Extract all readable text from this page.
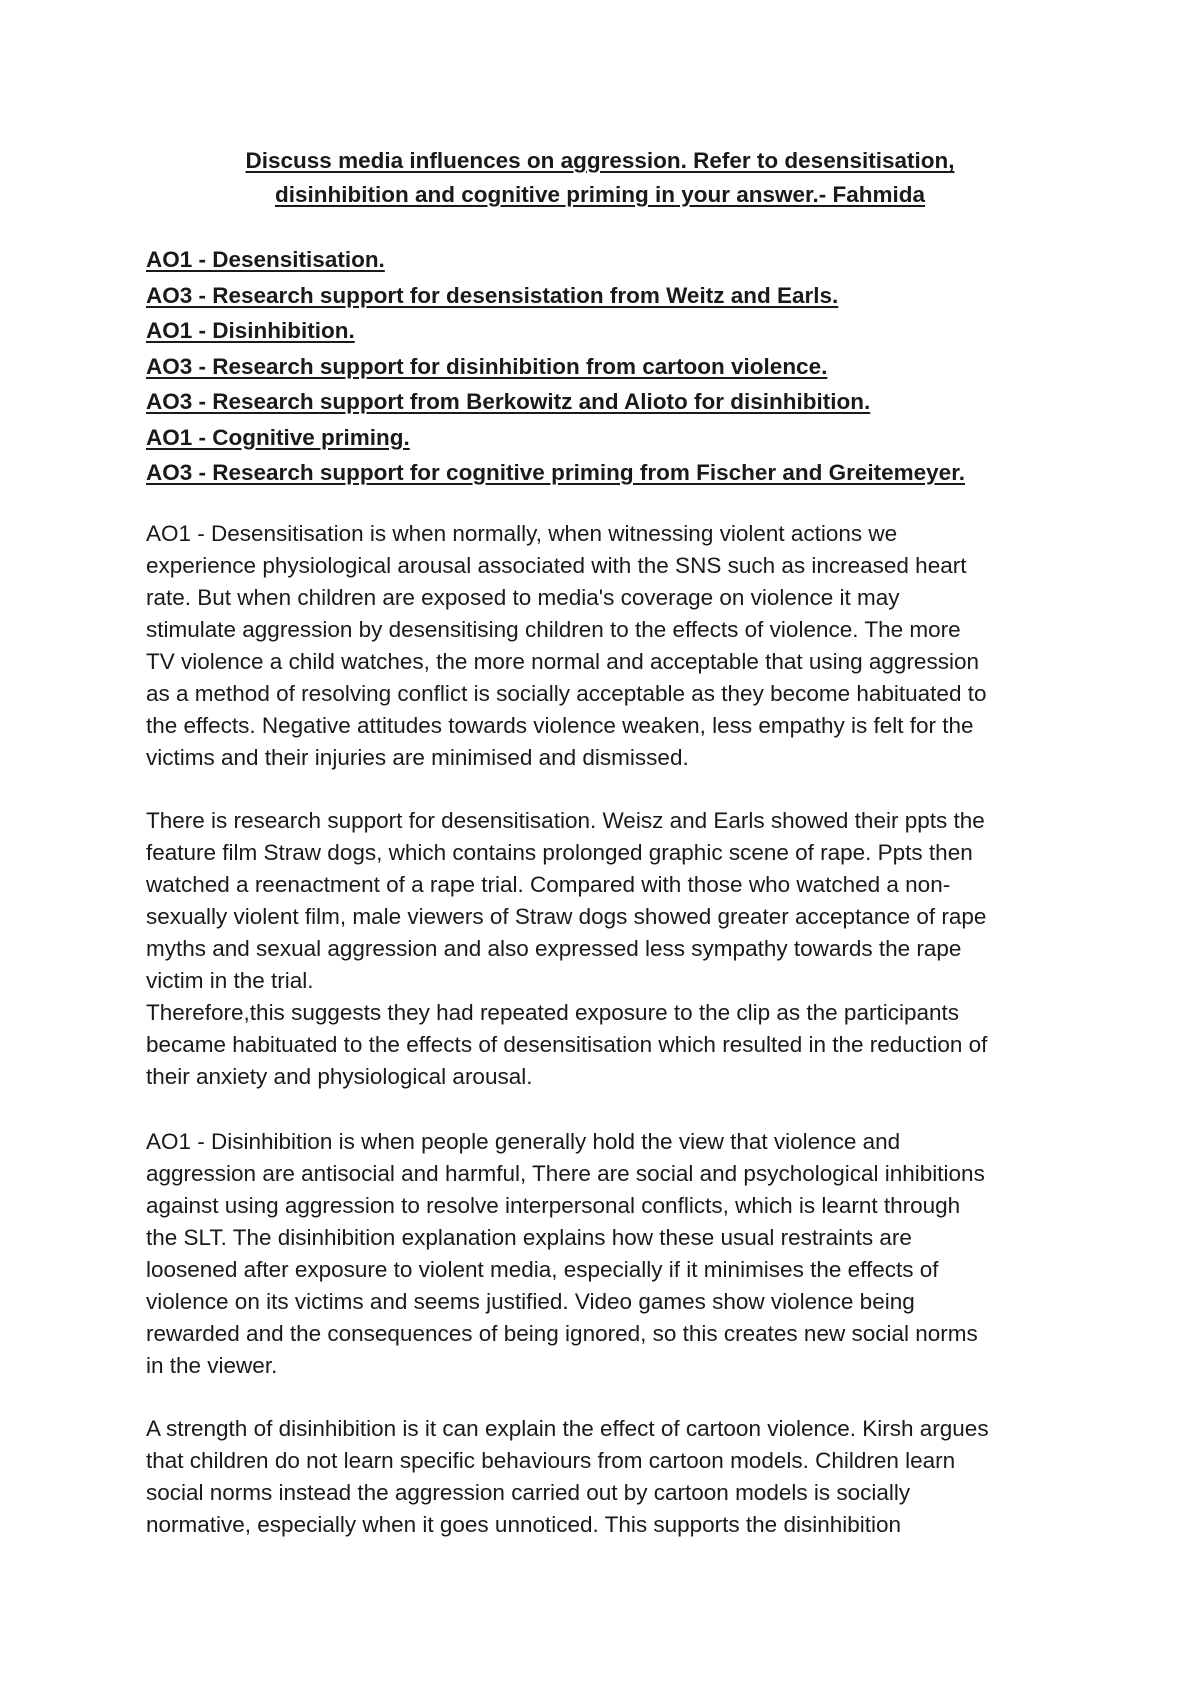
Discuss media influences on aggression. Refer to desensitisation,
disinhibition and cognitive priming in your answer.- Fahmida
AO1 - Desensitisation.
AO3 - Research support for desensistation from Weitz and Earls.
AO1 - Disinhibition.
AO3 - Research support for disinhibition from cartoon violence.
AO3 - Research support from Berkowitz and Alioto for disinhibition.
AO1 - Cognitive priming.
AO3 - Research support for cognitive priming from Fischer and Greitemeyer.
AO1 - Desensitisation is when normally, when witnessing violent actions we
experience physiological arousal associated with the SNS such as increased heart
rate. But when children are exposed to media's coverage on violence it may
stimulate aggression by desensitising children to the effects of violence. The more
TV violence a child watches, the more normal and acceptable that using aggression
as a method of resolving conflict is socially acceptable as they become habituated to
the effects. Negative attitudes towards violence weaken, less empathy is felt for the
victims and their injuries are minimised and dismissed.
There is research support for desensitisation. Weisz and Earls showed their ppts the
feature film Straw dogs, which contains prolonged graphic scene of rape. Ppts then
watched a reenactment of a rape trial. Compared with those who watched a non-
sexually violent film, male viewers of Straw dogs showed greater acceptance of rape
myths and sexual aggression and also expressed less sympathy towards the rape
victim in the trial.
Therefore,this suggests they had repeated exposure to the clip as the participants
became habituated to the effects of desensitisation which resulted in the reduction of
their anxiety and physiological arousal.
AO1 - Disinhibition is when people generally hold the view that violence and
aggression are antisocial and harmful, There are social and psychological inhibitions
against using aggression to resolve interpersonal conflicts, which is learnt through
the SLT. The disinhibition explanation explains how these usual restraints are
loosened after exposure to violent media, especially if it minimises the effects of
violence on its victims and seems justified. Video games show violence being
rewarded and the consequences of being ignored, so this creates new social norms
in the viewer.
A strength of disinhibition is it can explain the effect of cartoon violence. Kirsh argues
that children do not learn specific behaviours from cartoon models. Children learn
social norms instead the aggression carried out by cartoon models is socially
normative, especially when it goes unnoticed. This supports the disinhibition
